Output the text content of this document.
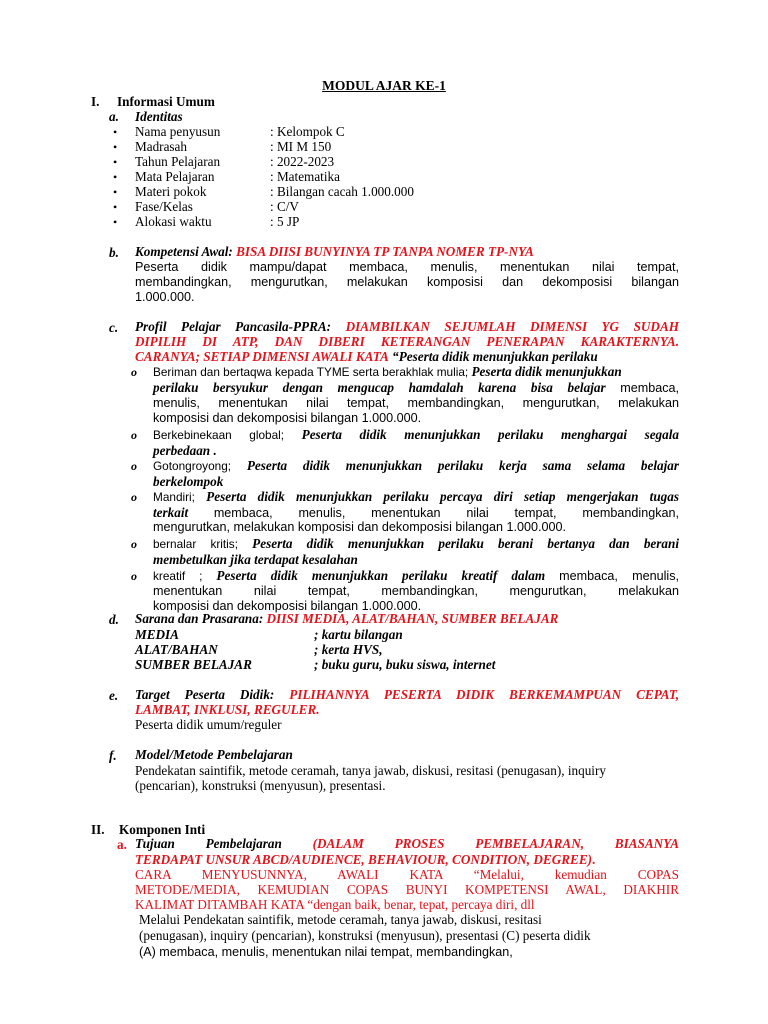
MODUL AJAR KE-1
I. Informasi Umum
a. Identitas
• Nama penyusun	: Kelompok C
• Madrasah	: MI M 150
• Tahun Pelajaran	: 2022-2023
• Mata Pelajaran	: Matematika
• Materi pokok	: Bilangan cacah 1.000.000
• Fase/Kelas	: C/V
• Alokasi waktu	: 5 JP
b. Kompetensi Awal: BISA DIISI BUNYINYA TP TANPA NOMER TP-NYA
Peserta didik mampu/dapat membaca, menulis, menentukan nilai tempat,
membandingkan, mengurutkan, melakukan komposisi dan dekomposisi bilangan
1.000.000.
c. Profil Pelajar Pancasila-PPRA: DIAMBILKAN SEJUMLAH DIMENSI YG SUDAH
DIPILIH DI ATP, DAN DIBERI KETERANGAN PENERAPAN KARAKTERNYA.
CARANYA; SETIAP DIMENSI AWALI KATA “Peserta didik menunjukkan perilaku
o Beriman dan bertaqwa kepada TYME serta berakhlak mulia; Peserta didik menunjukkan
perilaku bersyukur dengan mengucap hamdalah karena bisa belajar membaca,
menulis, menentukan nilai tempat, membandingkan, mengurutkan, melakukan
komposisi dan dekomposisi bilangan 1.000.000.
o Berkebinekaan global; Peserta didik menunjukkan perilaku menghargai segala
perbedaan .
o Gotongroyong; Peserta didik menunjukkan perilaku kerja sama selama belajar
berkelompok
o Mandiri; Peserta didik menunjukkan perilaku percaya diri setiap mengerjakan tugas
terkait membaca, menulis, menentukan nilai tempat, membandingkan,
mengurutkan, melakukan komposisi dan dekomposisi bilangan 1.000.000.
o bernalar kritis; Peserta didik menunjukkan perilaku berani bertanya dan berani
membetulkan jika terdapat kesalahan
o kreatif ; Peserta didik menunjukkan perilaku kreatif dalam membaca, menulis,
menentukan nilai tempat, membandingkan, mengurutkan, melakukan
komposisi dan dekomposisi bilangan 1.000.000.
d. Sarana dan Prasarana: DIISI MEDIA, ALAT/BAHAN, SUMBER BELAJAR
MEDIA	; kartu bilangan
ALAT/BAHAN	; kerta HVS,
SUMBER BELAJAR	; buku guru, buku siswa, internet
e. Target Peserta Didik: PILIHANNYA PESERTA DIDIK BERKEMAMPUAN CEPAT,
LAMBAT, INKLUSI, REGULER.
Peserta didik umum/reguler
f. Model/Metode Pembelajaran
Pendekatan saintifik, metode ceramah, tanya jawab, diskusi, resitasi (penugasan), inquiry
(pencarian), konstruksi (menyusun), presentasi.
II. Komponen Inti
a. Tujuan Pembelajaran (DALAM PROSES PEMBELAJARAN, BIASANYA
TERDAPAT UNSUR ABCD/AUDIENCE, BEHAVIOUR, CONDITION, DEGREE).
CARA MENYUSUNNYA, AWALI KATA “Melalui, kemudian COPAS
METODE/MEDIA, KEMUDIAN COPAS BUNYI KOMPETENSI AWAL, DIAKHIR
KALIMAT DITAMBAH KATA “dengan baik, benar, tepat, percaya diri, dll
Melalui Pendekatan saintifik, metode ceramah, tanya jawab, diskusi, resitasi
(penugasan), inquiry (pencarian), konstruksi (menyusun), presentasi (C) peserta didik
(A) membaca, menulis, menentukan nilai tempat, membandingkan,
